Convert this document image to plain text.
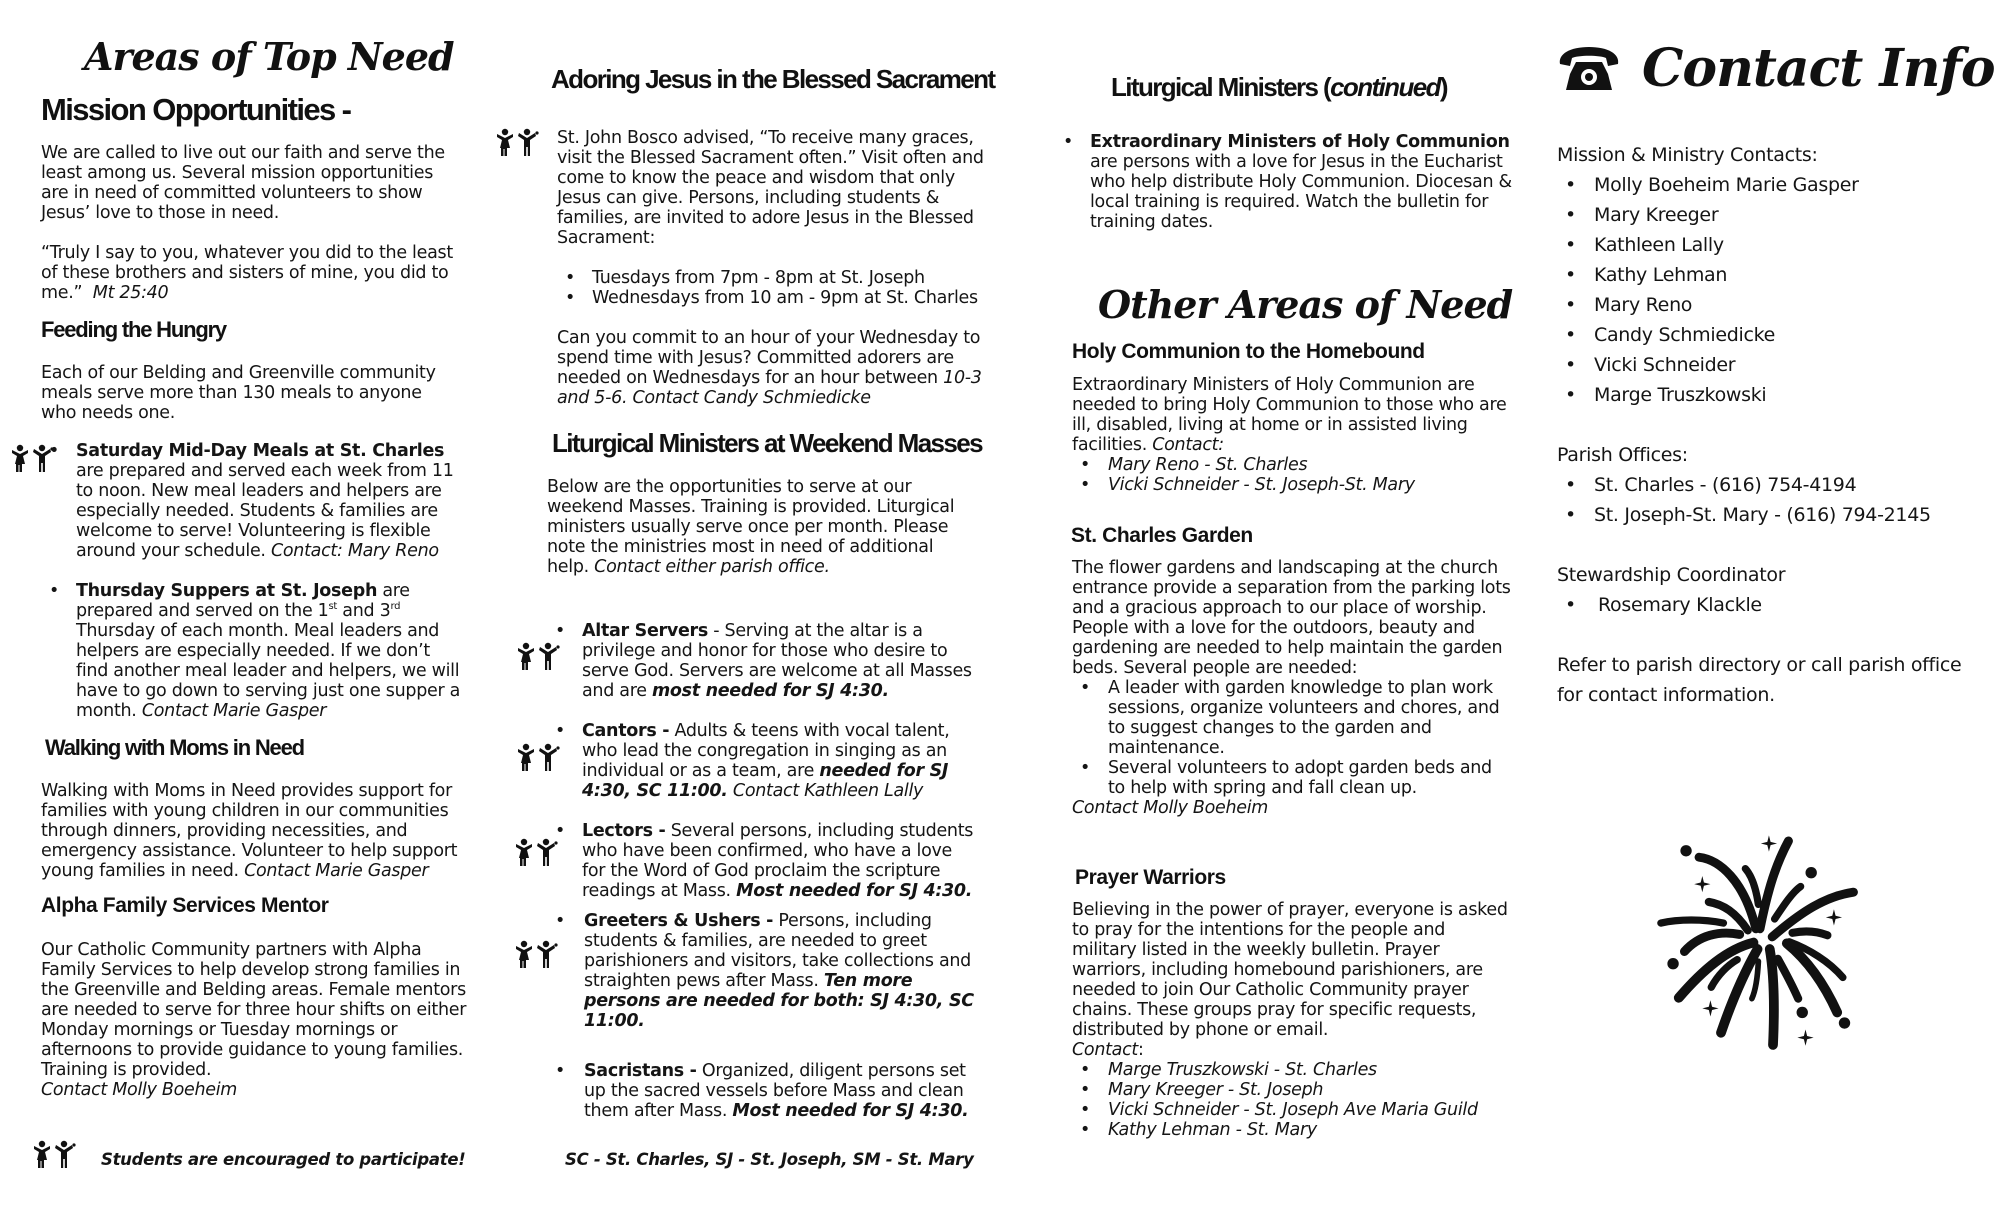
Areas of Top Need
Mission Opportunities -

We are called to live out our faith and serve the least among us. Several mission opportunities are in need of committed volunteers to show Jesus’ love to those in need.

“Truly I say to you, whatever you did to the least of these brothers and sisters of mine, you did to me.” Mt 25:40

Feeding the Hungry
Each of our Belding and Greenville community meals serve more than 130 meals to anyone who needs one.
• Saturday Mid-Day Meals at St. Charles are prepared and served each week from 11 to noon. New meal leaders and helpers are especially needed. Students & families are welcome to serve! Volunteering is flexible around your schedule. Contact: Mary Reno
• Thursday Suppers at St. Joseph are prepared and served on the 1st and 3rd Thursday of each month. Meal leaders and helpers are especially needed. If we don’t find another meal leader and helpers, we will have to go down to serving just one supper a month. Contact Marie Gasper
Walking with Moms in Need

Walking with Moms in Need provides support for families with young children in our communities through dinners, providing necessities, and emergency assistance. Volunteer to help support young families in need. Contact Marie Gasper

Alpha Family Services Mentor

Our Catholic Community partners with Alpha Family Services to help develop strong families in the Greenville and Belding areas. Female mentors are needed to serve for three hour shifts on either Monday mornings or Tuesday mornings or afternoons to provide guidance to young families. Training is provided.

Contact Molly Boeheim

Students are encouraged to participate!
Adoring Jesus in the Blessed Sacrament

St. John Bosco advised, “To receive many graces, visit the Blessed Sacrament often.” Visit often and come to know the peace and wisdom that only Jesus can give. Persons, including students & families, are invited to adore Jesus in the Blessed Sacrament:

• Tuesdays from 7pm - 8pm at St. Joseph
• Wednesdays from 10 am - 9pm at St. Charles

Can you commit to an hour of your Wednesday to spend time with Jesus? Committed adorers are needed on Wednesdays for an hour between 10-3 and 5-6. Contact Candy Schmiedicke

Liturgical Ministers at Weekend Masses

Below are the opportunities to serve at our weekend Masses. Training is provided. Liturgical ministers usually serve once per month. Please note the ministries most in need of additional help. Contact either parish office.

• Altar Servers - Serving at the altar is a privilege and honor for those who desire to serve God. Servers are welcome at all Masses and are most needed for SJ 4:30.
• Cantors - Adults & teens with vocal talent, who lead the congregation in singing as an individual or as a team, are needed for SJ 4:30, SC 11:00. Contact Kathleen Lally
• Lectors - Several persons, including students who have been confirmed, who have a love for the Word of God proclaim the scripture readings at Mass. Most needed for SJ 4:30.
• Greeters & Ushers - Persons, including students & families, are needed to greet parishioners and visitors, take collections and straighten pews after Mass. Ten more persons are needed for both: SJ 4:30, SC 11:00.
• Sacristans - Organized, diligent persons set up the sacred vessels before Mass and clean them after Mass. Most needed for SJ 4:30.
SC - St. Charles, SJ - St. Joseph, SM - St. Mary
Liturgical Ministers (continued)
• Extraordinary Ministers of Holy Communion are persons with a love for Jesus in the Eucharist who help distribute Holy Communion. Diocesan & local training is required. Watch the bulletin for training dates.
Other Areas of Need
Holy Communion to the Homebound

Extraordinary Ministers of Holy Communion are needed to bring Holy Communion to those who are ill, disabled, living at home or in assisted living facilities. Contact:

• Mary Reno - St. Charles
• Vicki Schneider - St. Joseph-St. Mary
St. Charles Garden

The flower gardens and landscaping at the church entrance provide a separation from the parking lots and a gracious approach to our place of worship. People with a love for the outdoors, beauty and gardening are needed to help maintain the garden beds. Several people are needed:

• A leader with garden knowledge to plan work sessions, organize volunteers and chores, and to suggest changes to the garden and maintenance.
• Several volunteers to adopt garden beds and to help with spring and fall clean up.

Contact Molly Boeheim

Prayer Warriors

Believing in the power of prayer, everyone is asked to pray for the intentions for the people and military listed in the weekly bulletin. Prayer warriors, including homebound parishioners, are needed to join Our Catholic Community prayer chains. These groups pray for specific requests, distributed by phone or email.

Contact:

• Marge Truszkowski - St. Charles
• Mary Kreeger - St. Joseph
• Vicki Schneider - St. Joseph Ave Maria Guild
• Kathy Lehman - St. Mary
Contact Info

Mission & Ministry Contacts:

• Molly Boeheim Marie Gasper
• Mary Kreeger
• Kathleen Lally
• Kathy Lehman
• Mary Reno
• Candy Schmiedicke
• Vicki Schneider
• Marge Truszkowski

Parish Offices:

• St. Charles - (616) 754-4194
• St. Joseph-St. Mary - (616) 794-2145

Stewardship Coordinator

• Rosemary Klackle

Refer to parish directory or call parish office for contact information.
